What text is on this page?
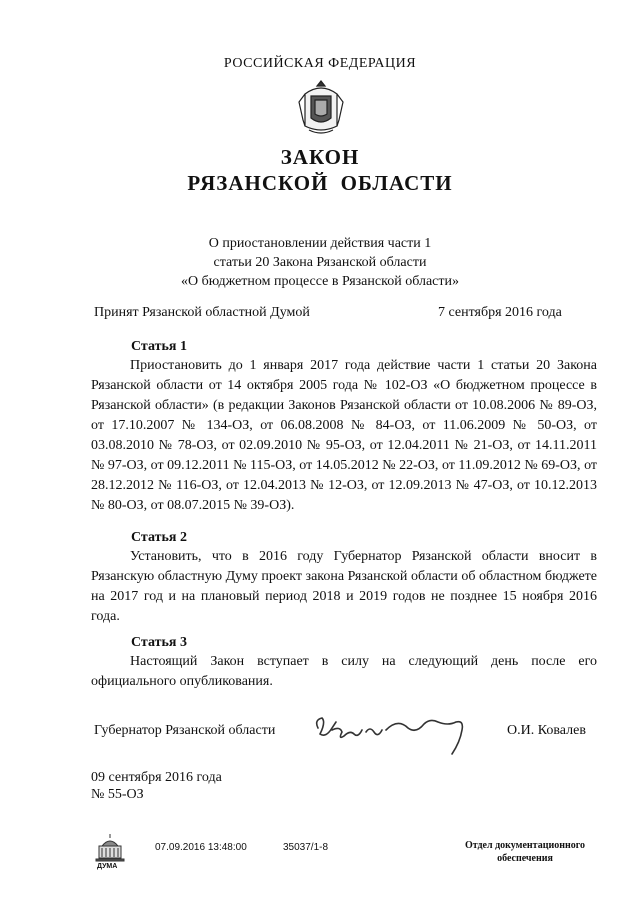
РОССИЙСКАЯ ФЕДЕРАЦИЯ
ЗАКОН
РЯЗАНСКОЙ ОБЛАСТИ
О приостановлении действия части 1
статьи 20 Закона Рязанской области
«О бюджетном процессе в Рязанской области»
Принят Рязанской областной Думой	7 сентября 2016 года
Статья 1
Приостановить до 1 января 2017 года действие части 1 статьи 20 Закона Рязанской области от 14 октября 2005 года № 102-ОЗ «О бюджетном процессе в Рязанской области» (в редакции Законов Рязанской области от 10.08.2006 № 89-ОЗ, от 17.10.2007 № 134-ОЗ, от 06.08.2008 № 84-ОЗ, от 11.06.2009 № 50-ОЗ, от 03.08.2010 № 78-ОЗ, от 02.09.2010 № 95-ОЗ, от 12.04.2011 № 21-ОЗ, от 14.11.2011 № 97-ОЗ, от 09.12.2011 № 115-ОЗ, от 14.05.2012 № 22-ОЗ, от 11.09.2012 № 69-ОЗ, от 28.12.2012 № 116-ОЗ, от 12.04.2013 № 12-ОЗ, от 12.09.2013 № 47-ОЗ, от 10.12.2013 № 80-ОЗ, от 08.07.2015 № 39-ОЗ).
Статья 2
Установить, что в 2016 году Губернатор Рязанской области вносит в Рязанскую областную Думу проект закона Рязанской области об областном бюджете на 2017 год и на плановый период 2018 и 2019 годов не позднее 15 ноября 2016 года.
Статья 3
Настоящий Закон вступает в силу на следующий день после его официального опубликования.
Губернатор Рязанской области	О.И. Ковалев
09 сентября 2016 года
№ 55-ОЗ
ДУМА
07.09.2016 13:48:00	35037/1-8	Отдел документационного
обеспечения
